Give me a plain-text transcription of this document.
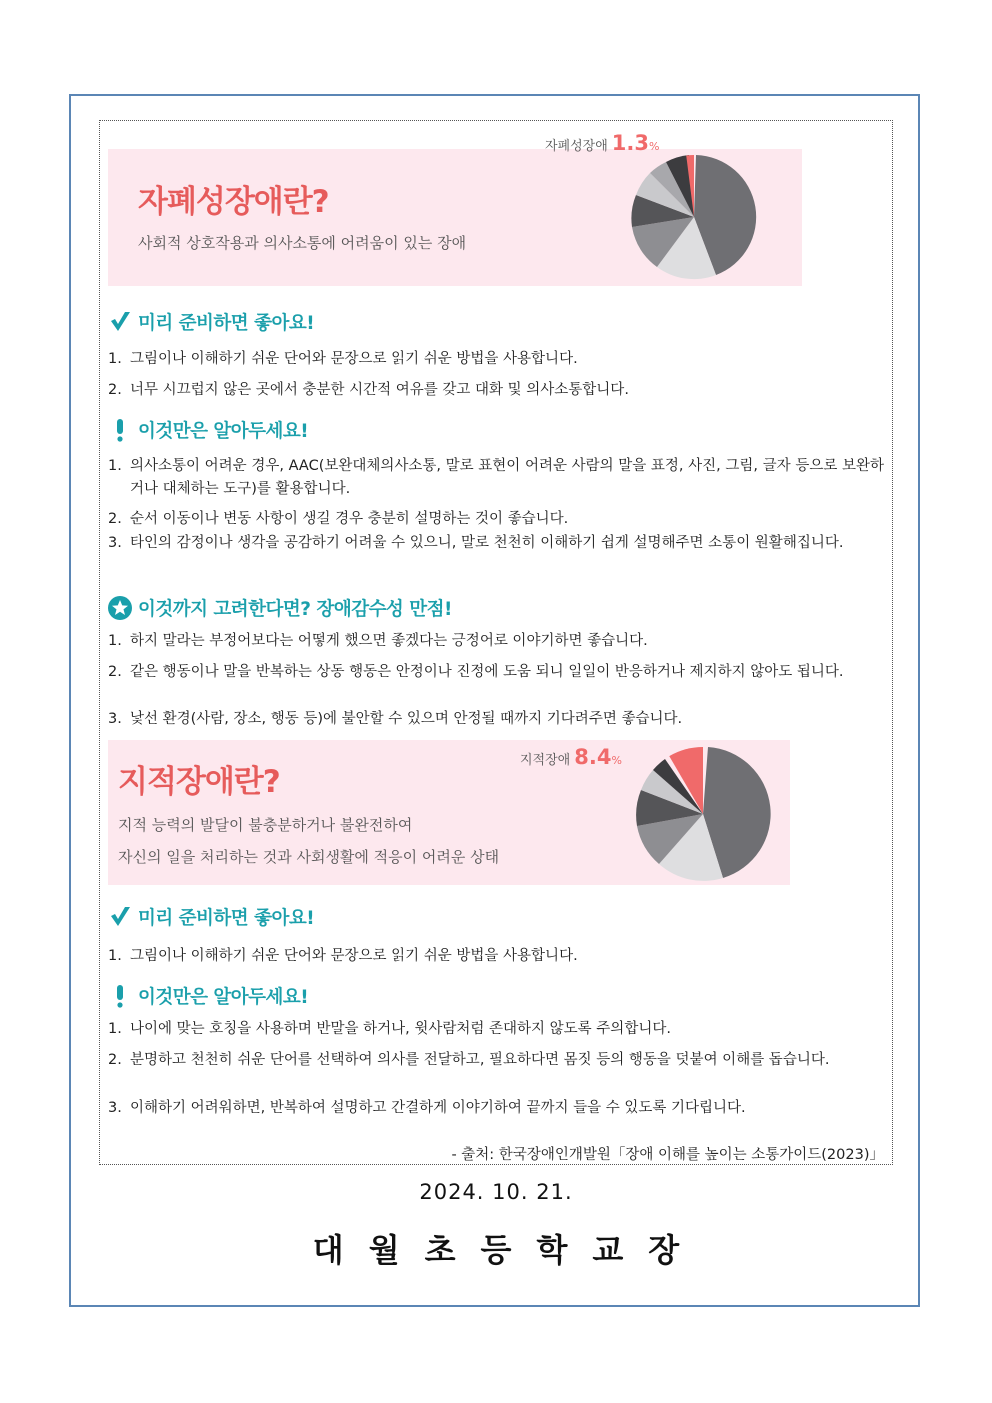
자폐성장애란?
사회적 상호작용과 의사소통에 어려움이 있는 장애
자폐성장애 1.3%
미리 준비하면 좋아요!
1. 그림이나 이해하기 쉬운 단어와 문장으로 읽기 쉬운 방법을 사용합니다.
2. 너무 시끄럽지 않은 곳에서 충분한 시간적 여유를 갖고 대화 및 의사소통합니다.
이것만은 알아두세요!
1. 의사소통이 어려운 경우, AAC(보완대체의사소통, 말로 표현이 어려운 사람의 말을 표정, 사진, 그림, 글자 등으로 보완하거나 대체하는 도구)를 활용합니다.
2. 순서 이동이나 변동 사항이 생길 경우 충분히 설명하는 것이 좋습니다.
3. 타인의 감정이나 생각을 공감하기 어려울 수 있으니, 말로 천천히 이해하기 쉽게 설명해주면 소통이 원활해집니다.
이것까지 고려한다면? 장애감수성 만점!
1. 하지 말라는 부정어보다는 어떻게 했으면 좋겠다는 긍정어로 이야기하면 좋습니다.
2. 같은 행동이나 말을 반복하는 상동 행동은 안정이나 진정에 도움 되니 일일이 반응하거나 제지하지 않아도 됩니다.
3. 낯선 환경(사람, 장소, 행동 등)에 불안할 수 있으며 안정될 때까지 기다려주면 좋습니다.
지적장애란?
지적 능력의 발달이 불충분하거나 불완전하여
자신의 일을 처리하는 것과 사회생활에 적응이 어려운 상태
지적장애 8.4%
미리 준비하면 좋아요!
1. 그림이나 이해하기 쉬운 단어와 문장으로 읽기 쉬운 방법을 사용합니다.
이것만은 알아두세요!
1. 나이에 맞는 호칭을 사용하며 반말을 하거나, 윗사람처럼 존대하지 않도록 주의합니다.
2. 분명하고 천천히 쉬운 단어를 선택하여 의사를 전달하고, 필요하다면 몸짓 등의 행동을 덧붙여 이해를 돕습니다.
3. 이해하기 어려워하면, 반복하여 설명하고 간결하게 이야기하여 끝까지 들을 수 있도록 기다립니다.
- 출처: 한국장애인개발원「장애 이해를 높이는 소통가이드(2023)」
2024. 10. 21.
대월초등학교장
